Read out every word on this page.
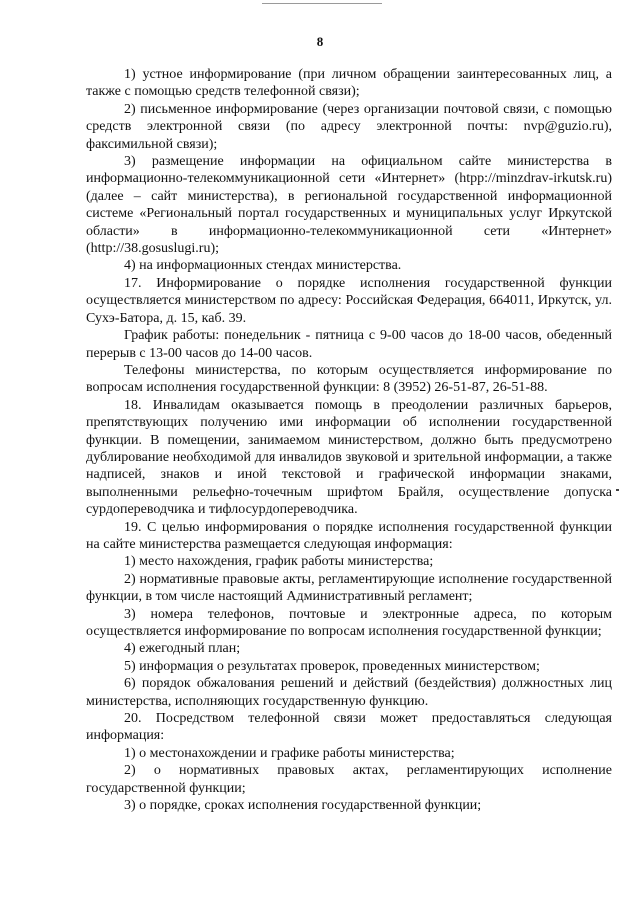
8

1) устное информирование (при личном обращении заинтересованных лиц, а также с помощью средств телефонной связи);

2) письменное информирование (через организации почтовой связи, с помощью средств электронной связи (по адресу электронной почты: nvp@guzio.ru), факсимильной связи);

3) размещение информации на официальном сайте министерства в информационно-телекоммуникационной сети «Интернет» (htpp://minzdrav-irkutsk.ru) (далее – сайт министерства), в региональной государственной информационной системе «Региональный портал государственных и муниципальных услуг Иркутской области» в информационно-телекоммуникационной сети «Интернет» (http://38.gosuslugi.ru);

4) на информационных стендах министерства.

17. Информирование о порядке исполнения государственной функции осуществляется министерством по адресу: Российская Федерация, 664011, Иркутск, ул. Сухэ-Батора, д. 15, каб. 39.

График работы: понедельник - пятница с 9-00 часов до 18-00 часов, обеденный перерыв с 13-00 часов до 14-00 часов.

Телефоны министерства, по которым осуществляется информирование по вопросам исполнения государственной функции: 8 (3952) 26-51-87, 26-51-88.

18. Инвалидам оказывается помощь в преодолении различных барьеров, препятствующих получению ими информации об исполнении государственной функции. В помещении, занимаемом министерством, должно быть предусмотрено дублирование необходимой для инвалидов звуковой и зрительной информации, а также надписей, знаков и иной текстовой и графической информации знаками, выполненными рельефно-точечным шрифтом Брайля, осуществление допуска сурдопереводчика и тифлосурдопереводчика.

19. С целью информирования о порядке исполнения государственной функции на сайте министерства размещается следующая информация:

1) место нахождения, график работы министерства;

2) нормативные правовые акты, регламентирующие исполнение государственной функции, в том числе настоящий Административный регламент;

3) номера телефонов, почтовые и электронные адреса, по которым осуществляется информирование по вопросам исполнения государственной функции;

4) ежегодный план;

5) информация о результатах проверок, проведенных министерством;

6) порядок обжалования решений и действий (бездействия) должностных лиц министерства, исполняющих государственную функцию.

20. Посредством телефонной связи может предоставляться следующая информация:

1) о местонахождении и графике работы министерства;

2) о нормативных правовых актах, регламентирующих исполнение государственной функции;

3) о порядке, сроках исполнения государственной функции;
